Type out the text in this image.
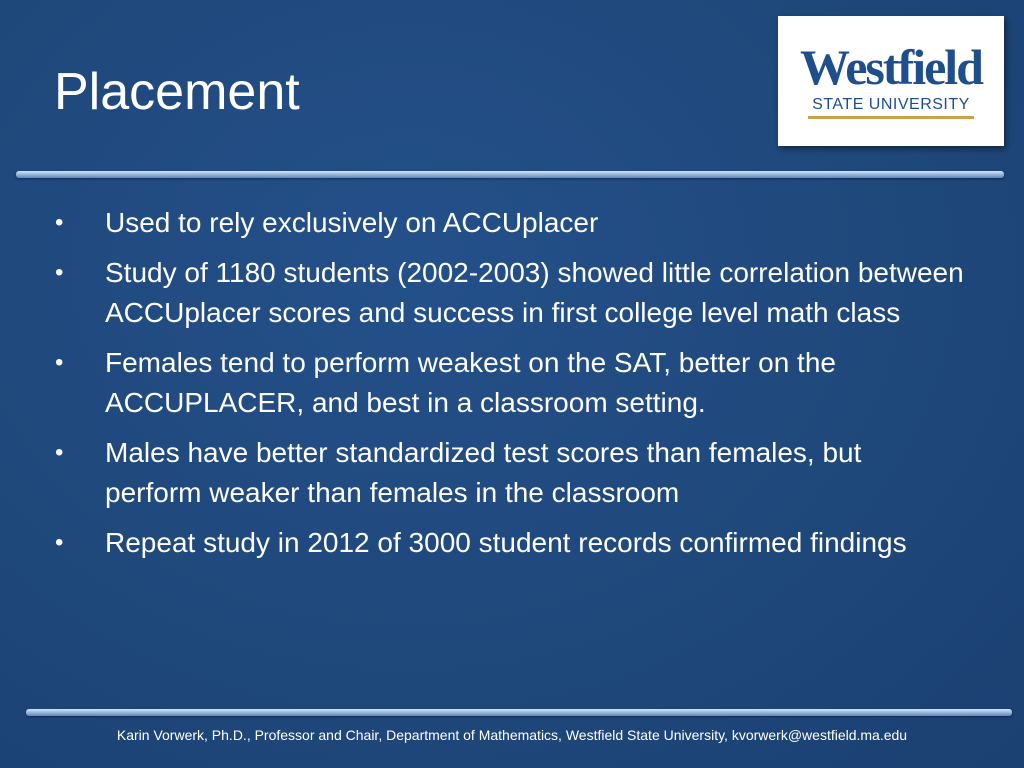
Placement	Westfield
STATE UNIVERSITY
•	Used to rely exclusively on ACCUplacer
•	Study of 1180 students (2002-2003) showed little correlation between ACCUplacer scores and success in first college level math class
•	Females tend to perform weakest on the SAT, better on the ACCUPLACER, and best in a classroom setting.
•	Males have better standardized test scores than females, but perform weaker than females in the classroom
•	Repeat study in 2012 of 3000 student records confirmed findings
Karin Vorwerk, Ph.D., Professor and Chair, Department of Mathematics, Westfield State University, kvorwerk@westfield.ma.edu
